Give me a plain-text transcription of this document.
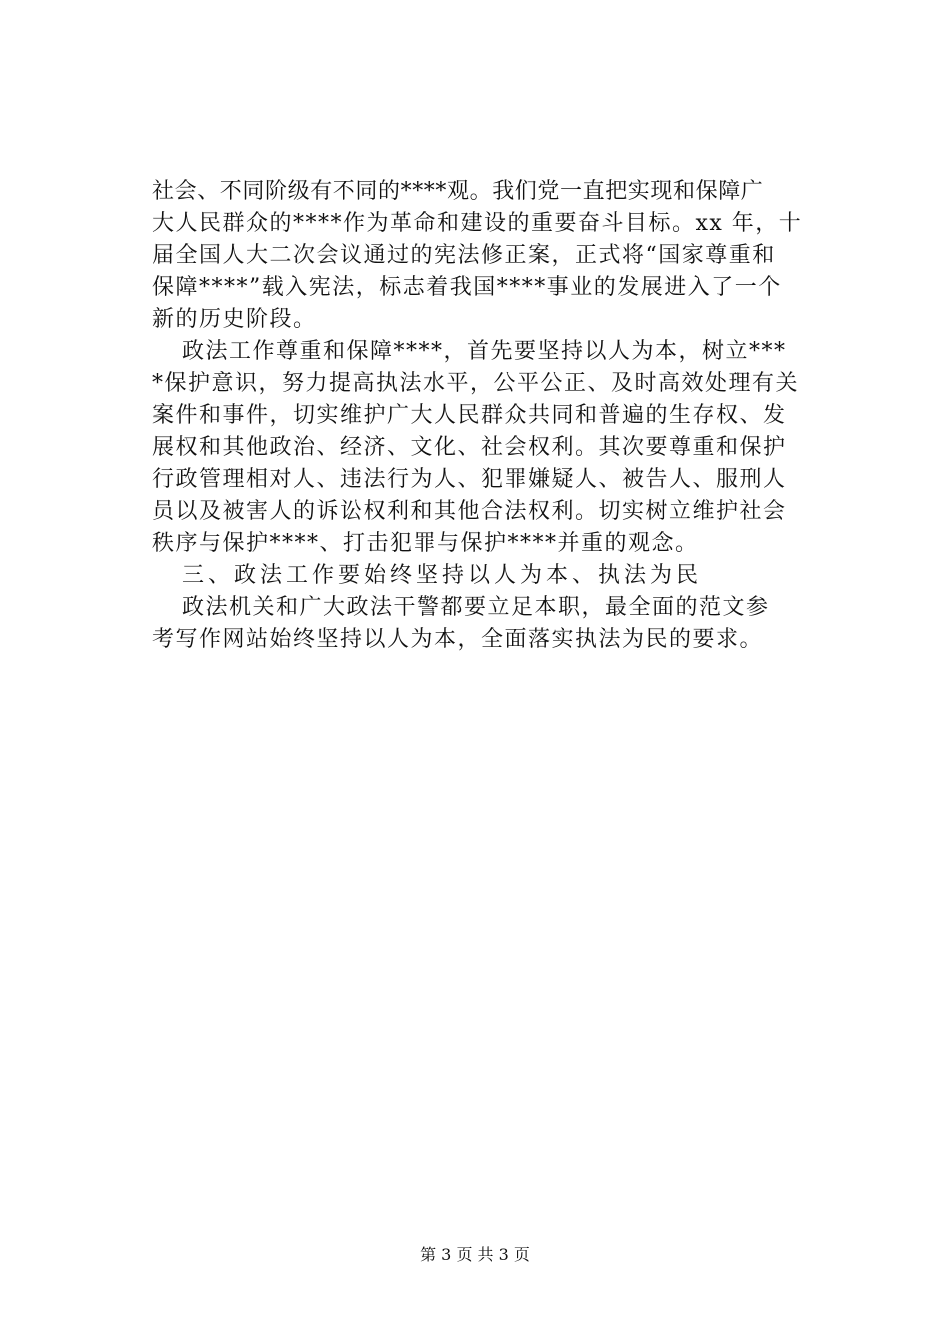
社会、不同阶级有不同的****观。我们党一直把实现和保障广
大人民群众的****作为革命和建设的重要奋斗目标。xx 年，十
届全国人大二次会议通过的宪法修正案，正式将“国家尊重和
保障****”载入宪法，标志着我国****事业的发展进入了一个
新的历史阶段。
政法工作尊重和保障****，首先要坚持以人为本，树立***
*保护意识，努力提高执法水平，公平公正、及时高效处理有关
案件和事件，切实维护广大人民群众共同和普遍的生存权、发
展权和其他政治、经济、文化、社会权利。其次要尊重和保护
行政管理相对人、违法行为人、犯罪嫌疑人、被告人、服刑人
员以及被害人的诉讼权利和其他合法权利。切实树立维护社会
秩序与保护****、打击犯罪与保护****并重的观念。
三、政法工作要始终坚持以人为本、执法为民
政法机关和广大政法干警都要立足本职，最全面的范文参
考写作网站始终坚持以人为本，全面落实执法为民的要求。
第 3 页 共 3 页
